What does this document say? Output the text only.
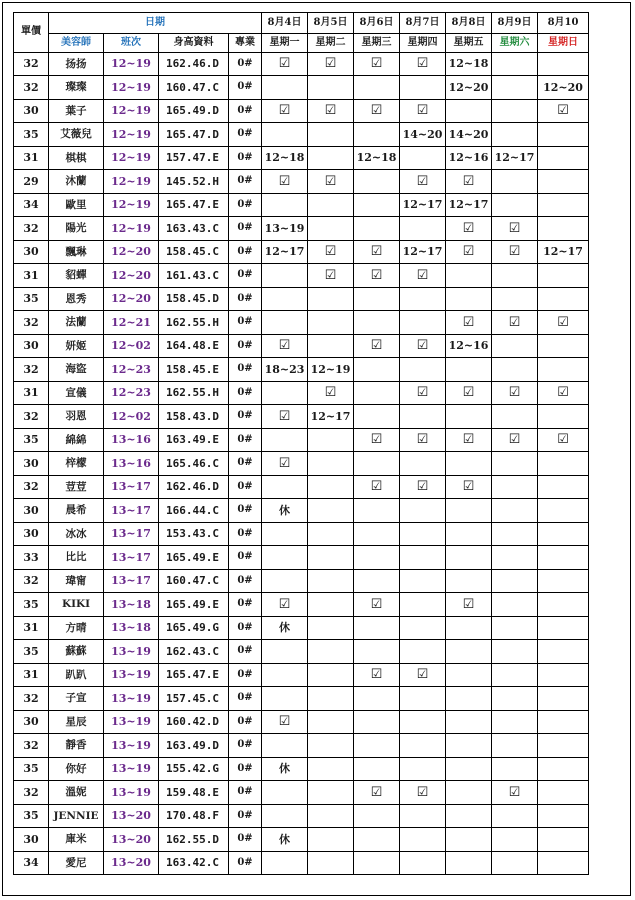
單價	日期				8月4日	8月5日	8月6日	8月7日	8月8日	8月9日	8月10
	美容師	班次	身高資料	專業	星期一	星期二	星期三	星期四	星期五	星期六	星期日
32	扬扬	12~19	162.46.D	0#	☑	☑	☑	☑	12~18		
32	璨璨	12~19	160.47.C	0#					12~20		12~20
30	葉子	12~19	165.49.D	0#	☑	☑	☑	☑			☑
35	艾薇兒	12~19	165.47.D	0#				14~20	14~20		
31	棋棋	12~19	157.47.E	0#	12~18		12~18		12~16	12~17	
29	沐蘭	12~19	145.52.H	0#	☑	☑		☑	☑		
34	歐里	12~19	165.47.E	0#				12~17	12~17		
32	陽光	12~19	163.43.C	0#	13~19				☑	☑	
30	飄琳	12~20	158.45.C	0#	12~17	☑	☑	12~17	☑	☑	12~17
31	貂蟬	12~20	161.43.C	0#		☑	☑	☑			
35	恩秀	12~20	158.45.D	0#							
32	法蘭	12~21	162.55.H	0#					☑	☑	☑
30	妍姬	12~02	164.48.E	0#	☑		☑	☑	12~16		
32	海盜	12~23	158.45.E	0#	18~23	12~19					
31	宣儀	12~23	162.55.H	0#		☑		☑	☑	☑	☑
32	羽恩	12~02	158.43.D	0#	☑	12~17					
35	綿綿	13~16	163.49.E	0#			☑	☑	☑	☑	☑
30	梓檬	13~16	165.46.C	0#	☑						
32	荳荳	13~17	162.46.D	0#			☑	☑	☑		
30	晨希	13~17	166.44.C	0#	休						
30	冰冰	13~17	153.43.C	0#							
33	比比	13~17	165.49.E	0#							
32	瑋甯	13~17	160.47.C	0#							
35	KIKI	13~18	165.49.E	0#	☑		☑		☑		
31	方晴	13~18	165.49.G	0#	休						
35	蘇蘇	13~19	162.43.C	0#							
31	趴趴	13~19	165.47.E	0#			☑	☑			
32	子宣	13~19	157.45.C	0#							
30	星辰	13~19	160.42.D	0#	☑						
32	靜香	13~19	163.49.D	0#							
35	你好	13~19	155.42.G	0#	休						
32	溫妮	13~19	159.48.E	0#			☑	☑		☑	
35	JENNIE	13~20	170.48.F	0#							
30	庫米	13~20	162.55.D	0#	休						
34	愛尼	13~20	163.42.C	0#							
